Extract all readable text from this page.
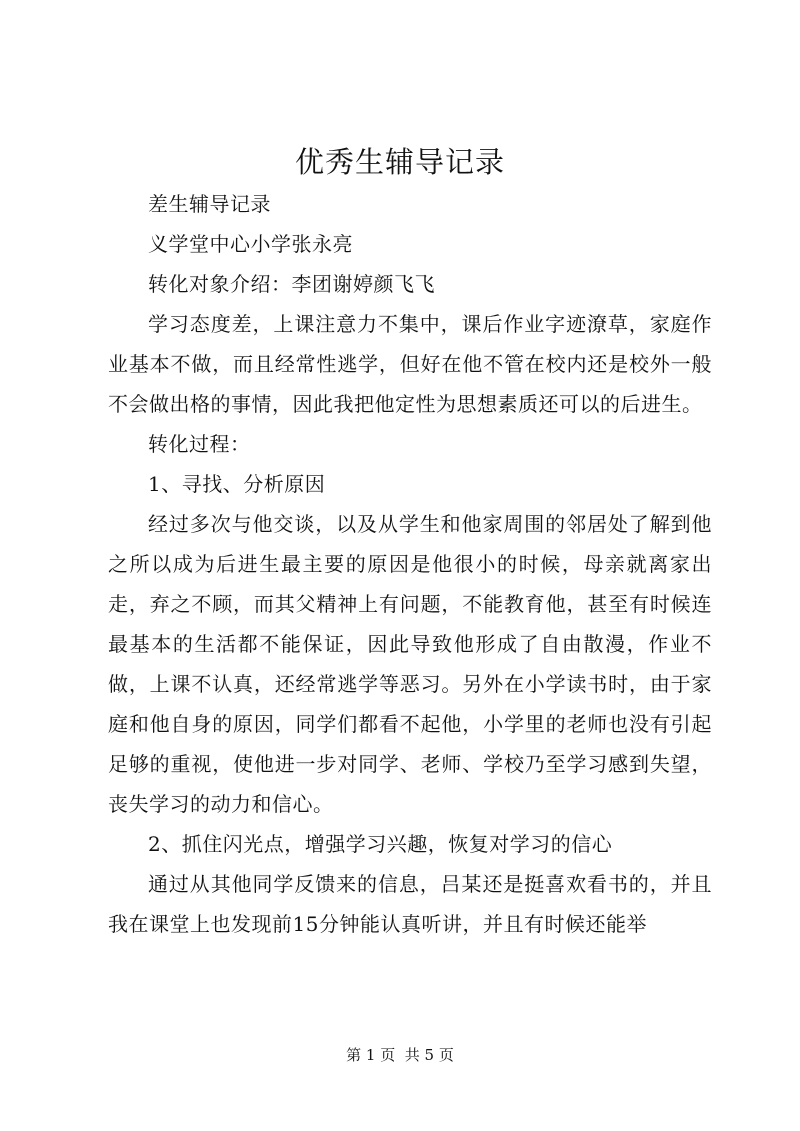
优秀生辅导记录

差生辅导记录

义学堂中心小学张永亮

转化对象介绍：李团谢婷颜飞飞

学习态度差，上课注意力不集中，课后作业字迹潦草，家庭作业基本不做，而且经常性逃学，但好在他不管在校内还是校外一般不会做出格的事情，因此我把他定性为思想素质还可以的后进生。

转化过程：

1、寻找、分析原因

经过多次与他交谈，以及从学生和他家周围的邻居处了解到他之所以成为后进生最主要的原因是他很小的时候，母亲就离家出走，弃之不顾，而其父精神上有问题，不能教育他，甚至有时候连最基本的生活都不能保证，因此导致他形成了自由散漫，作业不做，上课不认真，还经常逃学等恶习。另外在小学读书时，由于家庭和他自身的原因，同学们都看不起他，小学里的老师也没有引起足够的重视，使他进一步对同学、老师、学校乃至学习感到失望，丧失学习的动力和信心。

2、抓住闪光点，增强学习兴趣，恢复对学习的信心

通过从其他同学反馈来的信息，吕某还是挺喜欢看书的，并且我在课堂上也发现前15分钟能认真听讲，并且有时候还能举

第 1 页  共 5 页
